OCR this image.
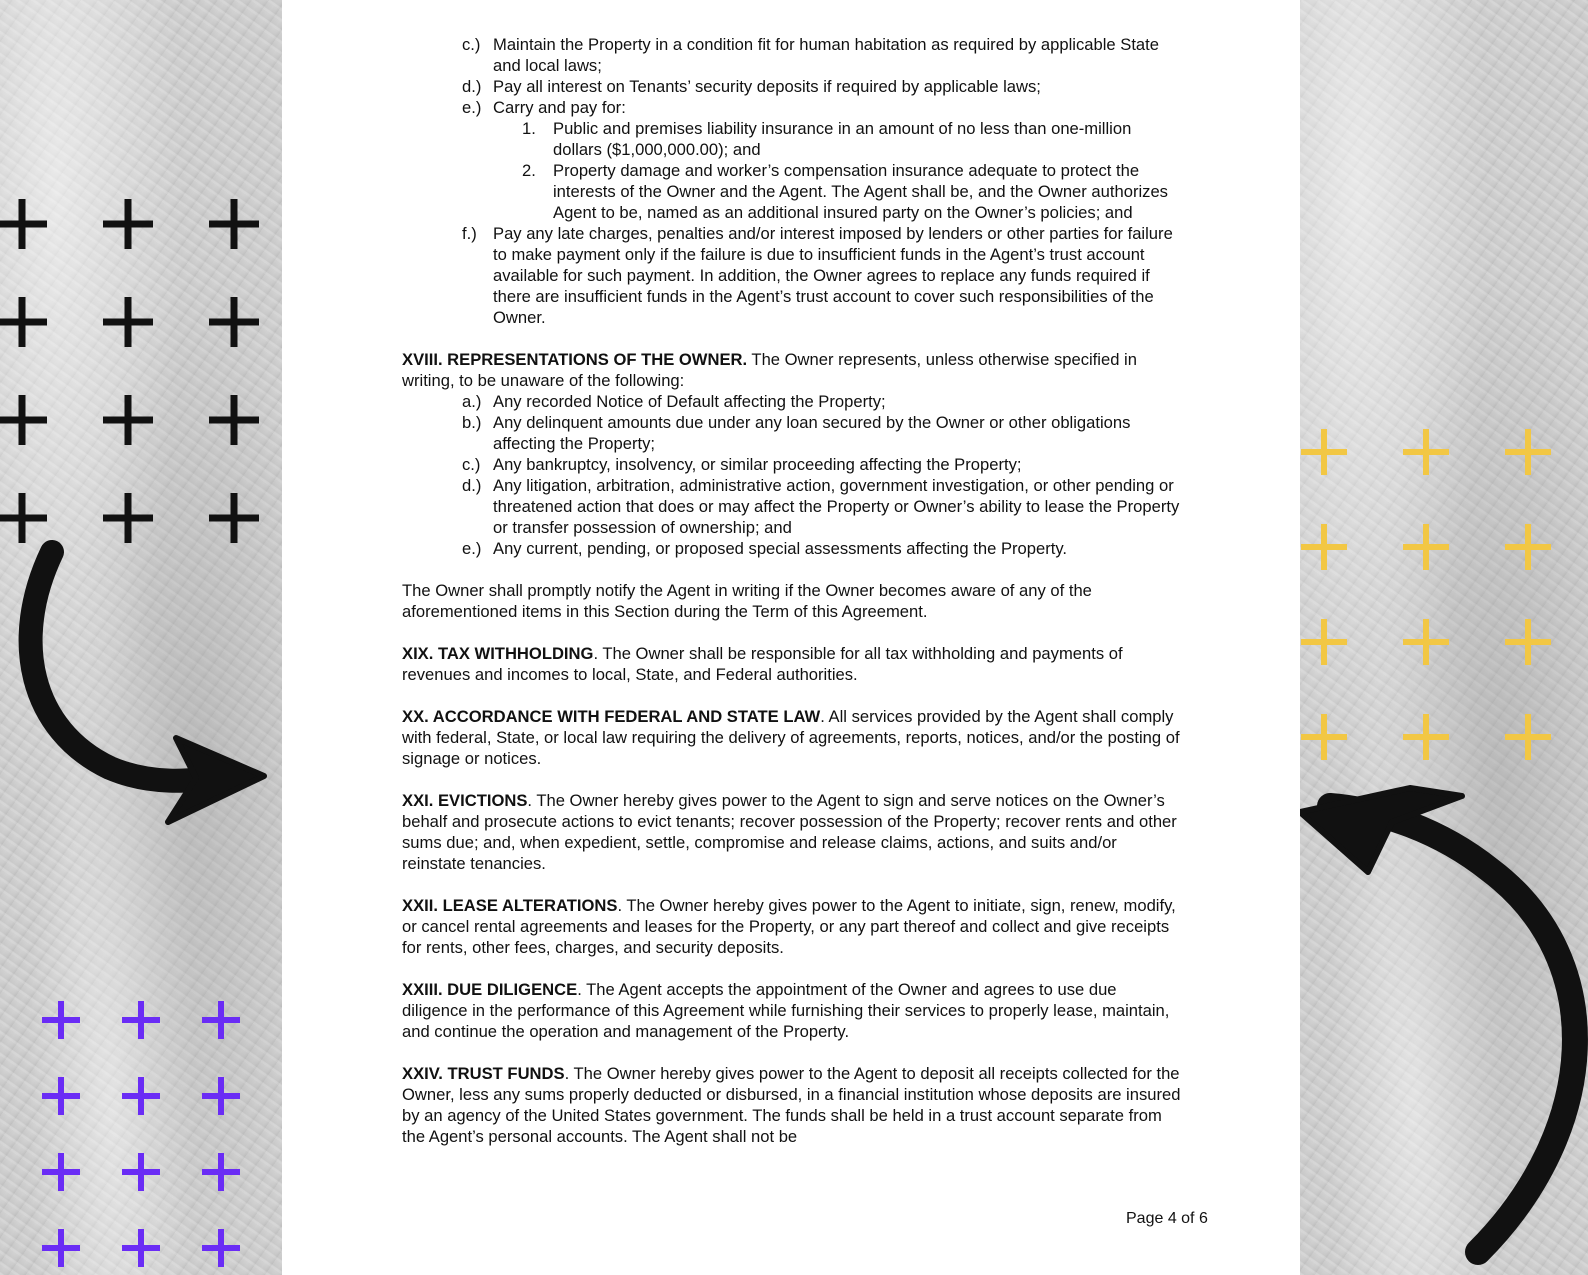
c.) Maintain the Property in a condition fit for human habitation as required by applicable State and local laws;
d.) Pay all interest on Tenants’ security deposits if required by applicable laws;
e.) Carry and pay for:
1. Public and premises liability insurance in an amount of no less than one-million dollars ($1,000,000.00); and
2. Property damage and worker’s compensation insurance adequate to protect the interests of the Owner and the Agent. The Agent shall be, and the Owner authorizes Agent to be, named as an additional insured party on the Owner’s policies; and
f.) Pay any late charges, penalties and/or interest imposed by lenders or other parties for failure to make payment only if the failure is due to insufficient funds in the Agent’s trust account available for such payment. In addition, the Owner agrees to replace any funds required if there are insufficient funds in the Agent’s trust account to cover such responsibilities of the Owner.

XVIII. REPRESENTATIONS OF THE OWNER. The Owner represents, unless otherwise specified in writing, to be unaware of the following:

a.) Any recorded Notice of Default affecting the Property;
b.) Any delinquent amounts due under any loan secured by the Owner or other obligations affecting the Property;
c.) Any bankruptcy, insolvency, or similar proceeding affecting the Property;
d.) Any litigation, arbitration, administrative action, government investigation, or other pending or threatened action that does or may affect the Property or Owner’s ability to lease the Property or transfer possession of ownership; and
e.) Any current, pending, or proposed special assessments affecting the Property.

The Owner shall promptly notify the Agent in writing if the Owner becomes aware of any of the aforementioned items in this Section during the Term of this Agreement.

XIX. TAX WITHHOLDING. The Owner shall be responsible for all tax withholding and payments of revenues and incomes to local, State, and Federal authorities.

XX. ACCORDANCE WITH FEDERAL AND STATE LAW. All services provided by the Agent shall comply with federal, State, or local law requiring the delivery of agreements, reports, notices, and/or the posting of signage or notices.

XXI. EVICTIONS. The Owner hereby gives power to the Agent to sign and serve notices on the Owner’s behalf and prosecute actions to evict tenants; recover possession of the Property; recover rents and other sums due; and, when expedient, settle, compromise and release claims, actions, and suits and/or reinstate tenancies.

XXII. LEASE ALTERATIONS. The Owner hereby gives power to the Agent to initiate, sign, renew, modify, or cancel rental agreements and leases for the Property, or any part thereof and collect and give receipts for rents, other fees, charges, and security deposits.

XXIII. DUE DILIGENCE. The Agent accepts the appointment of the Owner and agrees to use due diligence in the performance of this Agreement while furnishing their services to properly lease, maintain, and continue the operation and management of the Property.

XXIV. TRUST FUNDS. The Owner hereby gives power to the Agent to deposit all receipts collected for the Owner, less any sums properly deducted or disbursed, in a financial institution whose deposits are insured by an agency of the United States government. The funds shall be held in a trust account separate from the Agent’s personal accounts. The Agent shall not be

Page 4 of 6
